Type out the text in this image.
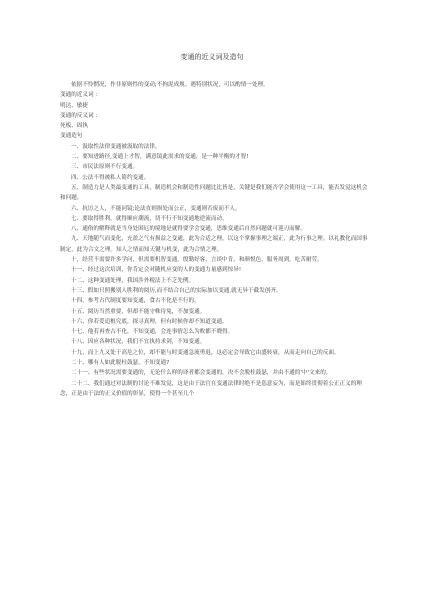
变通的近义词及造句

依据不怜惘况，作非原则性的变动;不拘泥成规。遇特别状况，可以酌情一处理。

变通的近义词 ：

明达、敏捷

变通的反义词 ：

死板、固执

变通造句

一、汲取性法律变通被汲取的法律。

二、要知进路径,变通上才智，满意镜此需求的变通，是一种平衡的才智!

三、市民法原则不行变通。

四、公法不得被私人简约变通。

五、制造力是人类最变通的工具，制造机会和制造性问题比比皆是，关键是我们能否学会使用这一工具，能否发觉这机会和问题。

六、抗厉之人，不能同镜;论法直则损处而公正，变通则否废而不人。

七、要取得胜利，就得顺应潮流，切不行不知变通地逆流而动。

八、通俗的解释就是当身处困厄的境地是就得要学会变通，思维变通后自然问题就可迎刃而解。

九、天地随气而变化，充盈之气有损益之变通，此为合适之理。以这个掌握事理之端正，此为行事之理。以礼教化而国事制定，此为合文之理。知人之情而知天键与机变，此为合情之理。

十，经营不需要许多学问，但需要机智变通，殷勤好客，言谈中肯，和颜悦色，服务周到，吃苦耐劳。

十一、经过这次培训，你肯定会对随机应变的人的变通力量感到惊异!

十二、这种变通处理，我国涉外税法上不乏先例。

十三、假如只照搬别人胜利的阅历,而不结合自己的实际加以变通,就无异于截发创齐。

十四、参考占代制度要知变通，食古不化是不行的。

十五、阅历当然重要，但却不能守株待兔，不加变通。

十六、你若爱追根究底，探寻真理，但有时候你却不知道变通。

十七、他若再查古不化，不知变通，会连事情怎么为败都不晓得。

十八、因应各种状况，我们不宜执持求剑，不知变通。

十九、而上九又处于高危之位，却不能与时变通急流勇退，这必定会导致它由盛转衰，从而走向自己的反面。

二十、哪有人如此脱柱鼓瑟，不知变通?

二十一、有些状况需要变通的，无论什么样的译者都会变通的，决不会脱柱鼓瑟，并由不通的'中'文来的。

二十二、我们通过对法制的讨论不难发觉，这是由于法官在变通法律时绝不是恣意妄为，而是始终贯彻着公正正义的理念，正是由于法的正义价值的彰显，使得一个甚至几个
